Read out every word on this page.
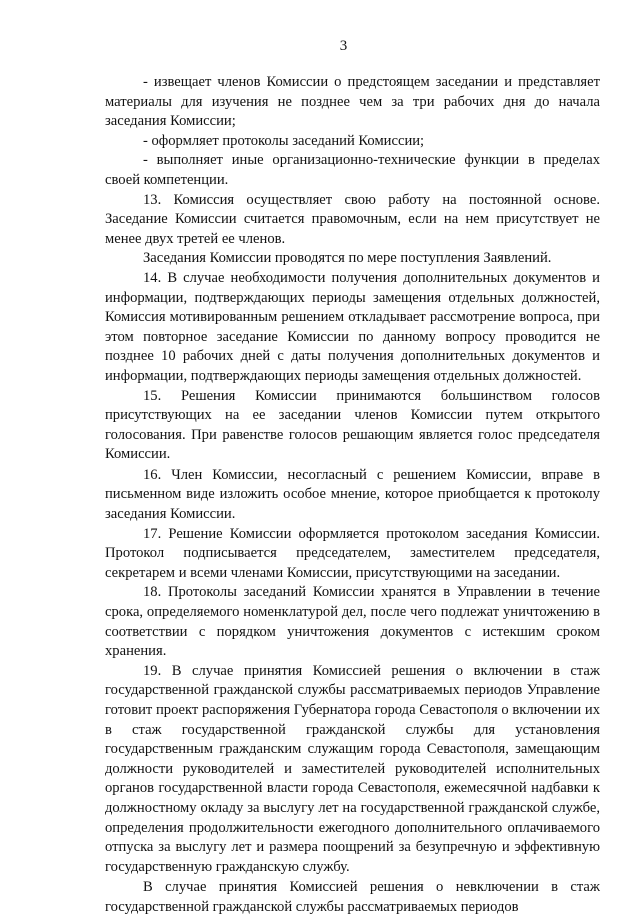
3

- извещает членов Комиссии о предстоящем заседании и представляет материалы для изучения не позднее чем за три рабочих дня до начала заседания Комиссии;

- оформляет протоколы заседаний Комиссии;

- выполняет иные организационно-технические функции в пределах своей компетенции.

13. Комиссия осуществляет свою работу на постоянной основе. Заседание Комиссии считается правомочным, если на нем присутствует не менее двух третей ее членов.

Заседания Комиссии проводятся по мере поступления Заявлений.

14. В случае необходимости получения дополнительных документов и информации, подтверждающих периоды замещения отдельных должностей, Комиссия мотивированным решением откладывает рассмотрение вопроса, при этом повторное заседание Комиссии по данному вопросу проводится не позднее 10 рабочих дней с даты получения дополнительных документов и информации, подтверждающих периоды замещения отдельных должностей.

15. Решения Комиссии принимаются большинством голосов присутствующих на ее заседании членов Комиссии путем открытого голосования. При равенстве голосов решающим является голос председателя Комиссии.

16. Член Комиссии, несогласный с решением Комиссии, вправе в письменном виде изложить особое мнение, которое приобщается к протоколу заседания Комиссии.

17. Решение Комиссии оформляется протоколом заседания Комиссии. Протокол подписывается председателем, заместителем председателя, секретарем и всеми членами Комиссии, присутствующими на заседании.

18. Протоколы заседаний Комиссии хранятся в Управлении в течение срока, определяемого номенклатурой дел, после чего подлежат уничтожению в соответствии с порядком уничтожения документов с истекшим сроком хранения.

19. В случае принятия Комиссией решения о включении в стаж государственной гражданской службы рассматриваемых периодов Управление готовит проект распоряжения Губернатора города Севастополя о включении их в стаж государственной гражданской службы для установления государственным гражданским служащим города Севастополя, замещающим должности руководителей и заместителей руководителей исполнительных органов государственной власти города Севастополя, ежемесячной надбавки к должностному окладу за выслугу лет на государственной гражданской службе, определения продолжительности ежегодного дополнительного оплачиваемого отпуска за выслугу лет и размера поощрений за безупречную и эффективную государственную гражданскую службу.

В случае принятия Комиссией решения о невключении в стаж государственной гражданской службы рассматриваемых периодов
